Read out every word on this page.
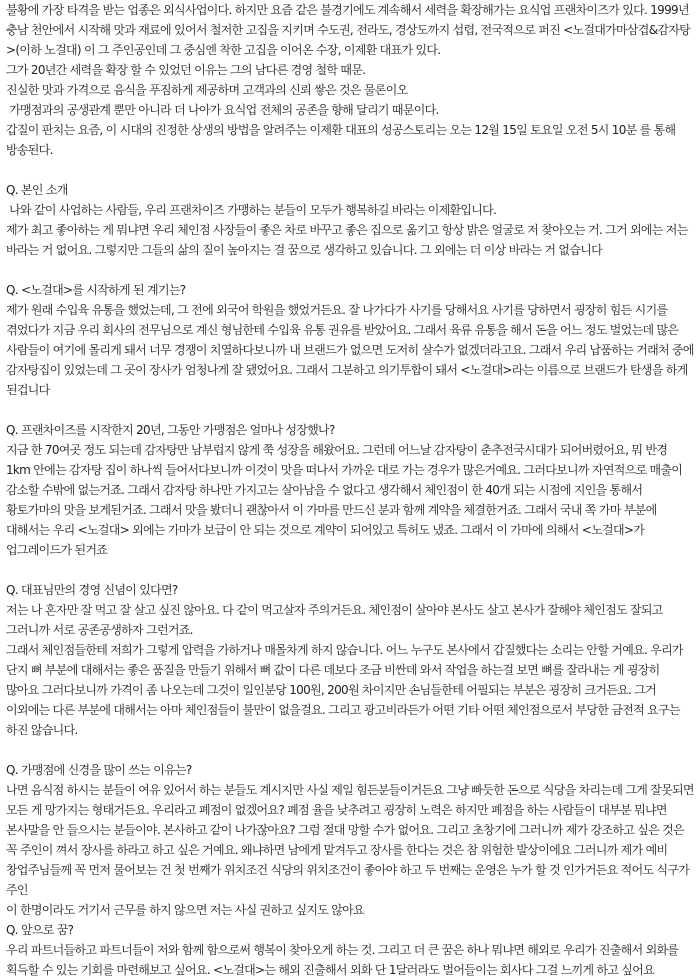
불황에 가장 타격을 받는 업종은 외식사업이다. 하지만 요즘 같은 불경기에도 계속해서 세력을 확장해가는 요식업 프랜차이즈가 있다. 1999년 충남 천안에서 시작해 맛과 재료에 있어서 철저한 고집을 지키며 수도권, 전라도, 경상도까지 섭렵, 전국적으로 퍼진 <노걸대가마삼겹&감자탕>(이하 노걸대) 이 그 주인공인데 그 중심엔 착한 고집을 이어온 수장, 이제환 대표가 있다.

그가 20년간 세력을 확장 할 수 있었던 이유는 그의 남다른 경영 철학 때문.

진실한 맛과 가격으로 음식을 푸짐하게 제공하며 고객과의 신뢰 쌓은 것은 물론이오

가맹점과의 공생관계 뿐만 아니라 더 나아가 요식업 전체의 공존을 향해 달리기 때문이다.

갑질이 판치는 요즘, 이 시대의 진정한 상생의 방법을 알려주는 이제환 대표의 성공스토리는 오는 12월 15일 토요일 오전 5시 10분 를 통해 방송된다.

Q. 본인 소개

나와 같이 사업하는 사람들, 우리 프랜차이즈 가맹하는 분들이 모두가 행복하길 바라는 이제환입니다.

제가 최고 좋아하는 게 뭐냐면 우리 체인점 사장들이 좋은 차로 바꾸고 좋은 집으로 옮기고 항상 밝은 얼굴로 저 찾아오는 거. 그거 외에는 저는 바라는 거 없어요. 그렇지만 그들의 삶의 질이 높아지는 걸 꿈으로 생각하고 있습니다. 그 외에는 더 이상 바라는 거 없습니다

Q. <노걸대>를 시작하게 된 계기는?

제가 원래 수입육 유통을 했었는데, 그 전에 외국어 학원을 했었거든요. 잘 나가다가 사기를 당해서요 사기를 당하면서 굉장히 힘든 시기를 겪었다가 지금 우리 회사의 전무님으로 계신 형님한테 수입육 유통 권유를 받았어요. 그래서 육류 유통을 해서 돈을 어느 정도 벌었는데 많은 사람들이 여기에 몰리게 돼서 너무 경쟁이 치열하다보니까 내 브랜드가 없으면 도저히 살수가 없겠더라고요. 그래서 우리 납품하는 거래처 중에 감자탕집이 있었는데 그 곳이 장사가 엄청나게 잘 됐었어요. 그래서 그분하고 의기투합이 돼서 <노걸대>라는 이름으로 브랜드가 탄생을 하게 된겁니다

Q. 프랜차이즈를 시작한지 20년, 그동안 가맹점은 얼마나 성장했나?

지금 한 70여곳 정도 되는데 감자탕만 남부럽지 않게 쭉 성장을 해왔어요. 그런데 어느날 감자탕이 춘추전국시대가 되어버렸어요, 뭐 반경 1km 안에는 감자탕 집이 하나씩 들어서다보니까 이것이 맛을 떠나서 가까운 대로 가는 경우가 많은거예요. 그러다보니까 자연적으로 매출이 감소할 수밖에 없는거죠. 그래서 감자탕 하나만 가지고는 살아남을 수 없다고 생각해서 체인점이 한 40개 되는 시점에 지인을 통해서 황토가마의 맛을 보게된거죠. 그래서 맛을 봤더니 괜찮아서 이 가마를 만드신 분과 함께 계약을 체결한거죠. 그래서 국내 쪽 가마 부분에 대해서는 우리 <노걸대> 외에는 가마가 보급이 안 되는 것으로 계약이 되어있고 특허도 냈죠. 그래서 이 가마에 의해서 <노걸대>가 업그레이드가 된거죠

Q. 대표님만의 경영 신념이 있다면?

저는 나 혼자만 잘 먹고 잘 살고 싶진 않아요. 다 같이 먹고살자 주의거든요. 체인점이 살아야 본사도 살고 본사가 잘해야 체인점도 잘되고 그러니까 서로 공존공생하자 그런거죠.

그래서 체인점들한테 저희가 그렇게 압력을 가하거나 매몰차게 하지 않습니다. 어느 누구도 본사에서 갑질했다는 소리는 안할 거예요. 우리가 단지 뼈 부분에 대해서는 좋은 품질을 만들기 위해서 뼈 값이 다른 데보다 조금 비싼데 와서 작업을 하는걸 보면 뼈를 잘라내는 게 굉장히 많아요 그러다보니까 가격이 좀 나오는데 그것이 일인분당 100원, 200원 차이지만 손님들한테 어필되는 부분은 굉장히 크거든요. 그거 이외에는 다른 부분에 대해서는 아마 체인점들이 불만이 없을걸요. 그리고 광고비라든가 어떤 기타 어떤 체인점으로서 부당한 금전적 요구는 하진 않습니다.

Q. 가맹점에 신경을 많이 쓰는 이유는?

나면 음식점 하시는 분들이 여유 있어서 하는 분들도 계시지만 사실 제일 힘든분들이거든요 그냥 빠듯한 돈으로 식당을 차리는데 그게 잘못되면 모든 게 망가지는 형태거든요. 우리라고 폐점이 없겠어요? 폐점 율을 낮추려고 굉장히 노력은 하지만 폐점을 하는 사람들이 대부분 뭐냐면 본사말을 안 들으시는 분들이야. 본사하고 같이 나가잖아요? 그럼 절대 망할 수가 없어요. 그리고 초창기에 그러니까 제가 강조하고 싶은 것은 꼭 주인이 껴서 장사를 하라고 하고 싶은 거예요. 왜냐하면 남에게 맡겨두고 장사를 한다는 것은 참 위험한 발상이에요 그러니까 제가 예비 창업주님들께 꼭 먼저 물어보는 건 첫 번째가 위치조건 식당의 위치조건이 좋아야 하고 두 번째는 운영은 누가 할 것 인가거든요 적어도 식구가 주인

이 한명이라도 거기서 근무를 하지 않으면 저는 사실 권하고 싶지도 않아요

Q. 앞으로 꿈?

우리 파트너들하고 파트너들이 저와 함께 함으로써 행복이 찾아오게 하는 것. 그리고 더 큰 꿈은 하나 뭐냐면 해외로 우리가 진출해서 외화를 획득할 수 있는 기회를 마련해보고 싶어요. <노걸대>는 해외 진출해서 외화 단 1달러라도 벌어들이는 회사다 그걸 느끼게 하고 싶어요
